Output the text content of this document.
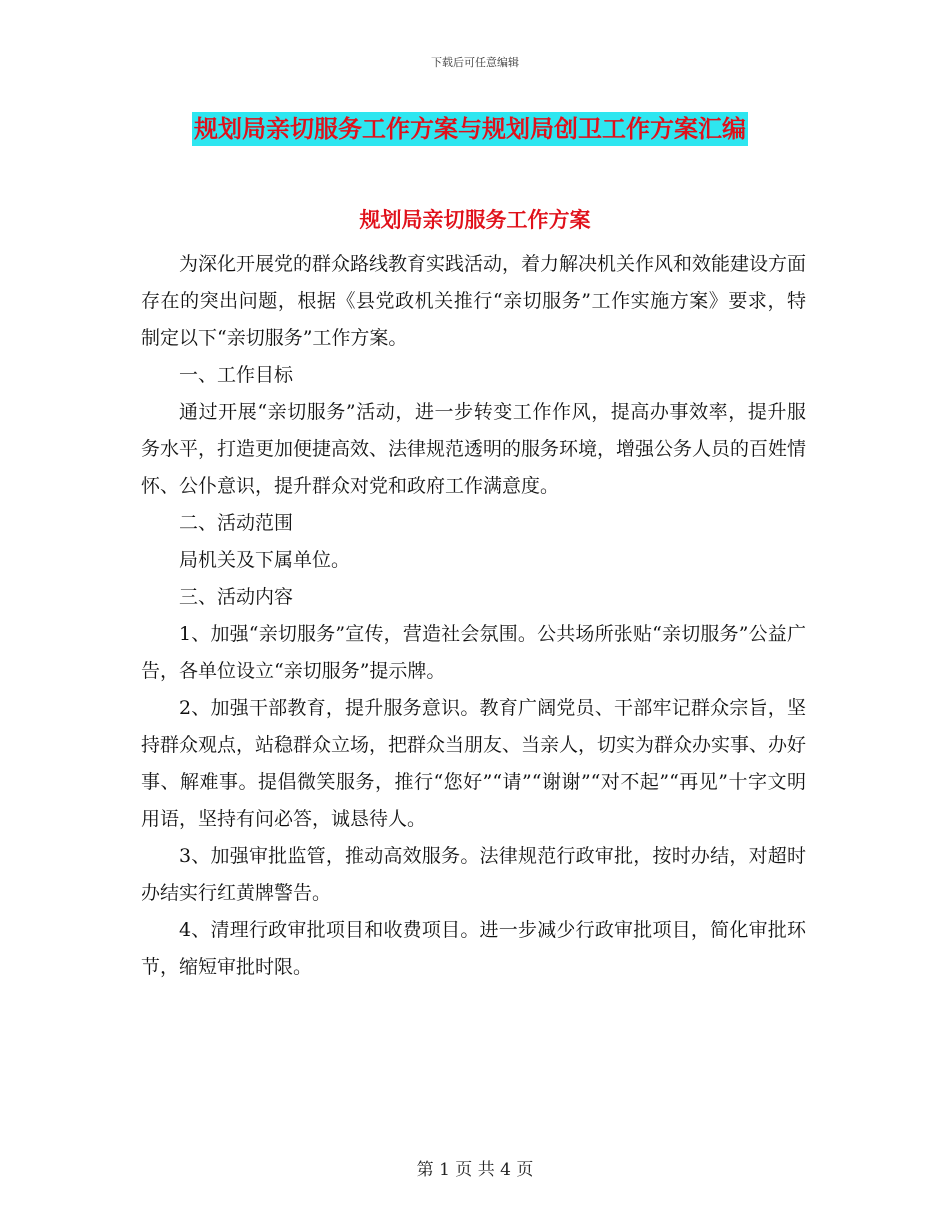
下载后可任意编辑
规划局亲切服务工作方案与规划局创卫工作方案汇编
规划局亲切服务工作方案

为深化开展党的群众路线教育实践活动，着力解决机关作风和效能建设方面存在的突出问题，根据《县党政机关推行“亲切服务”工作实施方案》要求，特制定以下“亲切服务”工作方案。

一、工作目标

通过开展“亲切服务”活动，进一步转变工作作风，提高办事效率，提升服务水平，打造更加便捷高效、法律规范透明的服务环境，增强公务人员的百姓情怀、公仆意识，提升群众对党和政府工作满意度。

二、活动范围

局机关及下属单位。

三、活动内容

1、加强“亲切服务”宣传，营造社会氛围。公共场所张贴“亲切服务”公益广告，各单位设立“亲切服务”提示牌。

2、加强干部教育，提升服务意识。教育广阔党员、干部牢记群众宗旨，坚持群众观点，站稳群众立场，把群众当朋友、当亲人，切实为群众办实事、办好事、解难事。提倡微笑服务，推行“您好”“请”“谢谢”“对不起”“再见”十字文明用语，坚持有问必答，诚恳待人。

3、加强审批监管，推动高效服务。法律规范行政审批，按时办结，对超时办结实行红黄牌警告。

4、清理行政审批项目和收费项目。进一步减少行政审批项目，简化审批环节，缩短审批时限。

第 1 页 共 4 页
